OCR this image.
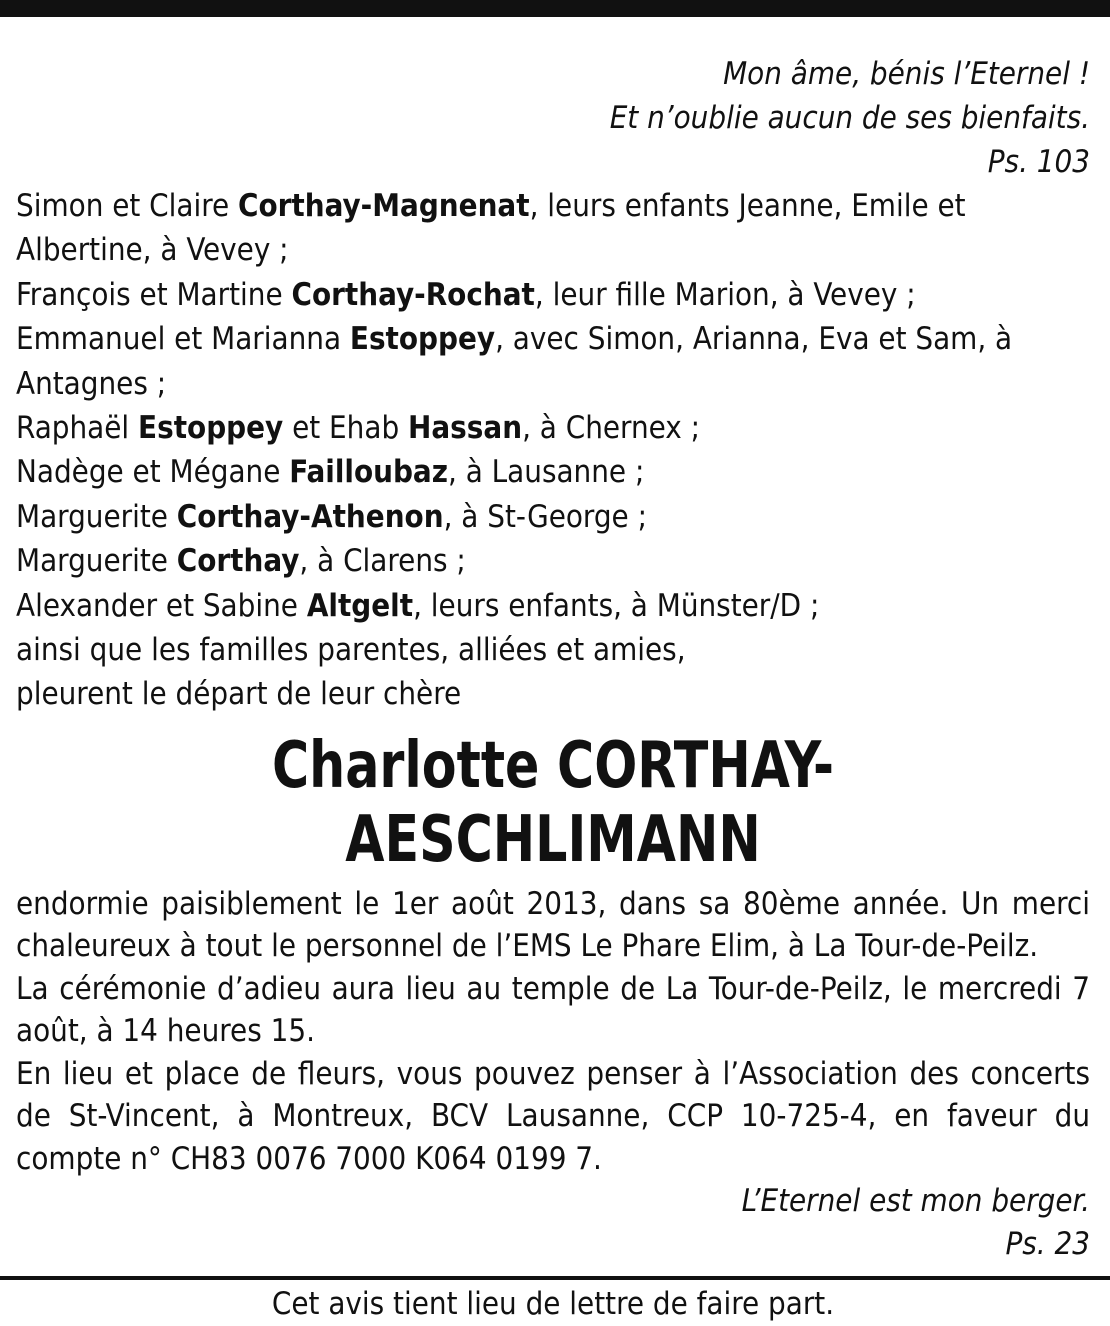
Mon âme, bénis l’Eternel !
Et n’oublie aucun de ses bienfaits.
Ps. 103
Simon et Claire Corthay-Magnenat, leurs enfants Jeanne, Emile et
Albertine, à Vevey ;
François et Martine Corthay-Rochat, leur fille Marion, à Vevey ;
Emmanuel et Marianna Estoppey, avec Simon, Arianna, Eva et Sam, à
Antagnes ;
Raphaël Estoppey et Ehab Hassan, à Chernex ;
Nadège et Mégane Failloubaz, à Lausanne ;
Marguerite Corthay-Athenon, à St-George ;
Marguerite Corthay, à Clarens ;
Alexander et Sabine Altgelt, leurs enfants, à Münster/D ;
ainsi que les familles parentes, alliées et amies,
pleurent le départ de leur chère
Charlotte CORTHAY-AESCHLIMANN

endormie paisiblement le 1er août 2013, dans sa 80ème année. Un merci chaleureux à tout le personnel de l’EMS Le Phare Elim, à La Tour-de-Peilz.

La cérémonie d’adieu aura lieu au temple de La Tour-de-Peilz, le mercredi 7 août, à 14 heures 15.

En lieu et place de fleurs, vous pouvez penser à l’Association des concerts de St-Vincent, à Montreux, BCV Lausanne, CCP 10-725-4, en faveur du compte n° CH83 0076 7000 K064 0199 7.

L’Eternel est mon berger.
Ps. 23
Cet avis tient lieu de lettre de faire part.
